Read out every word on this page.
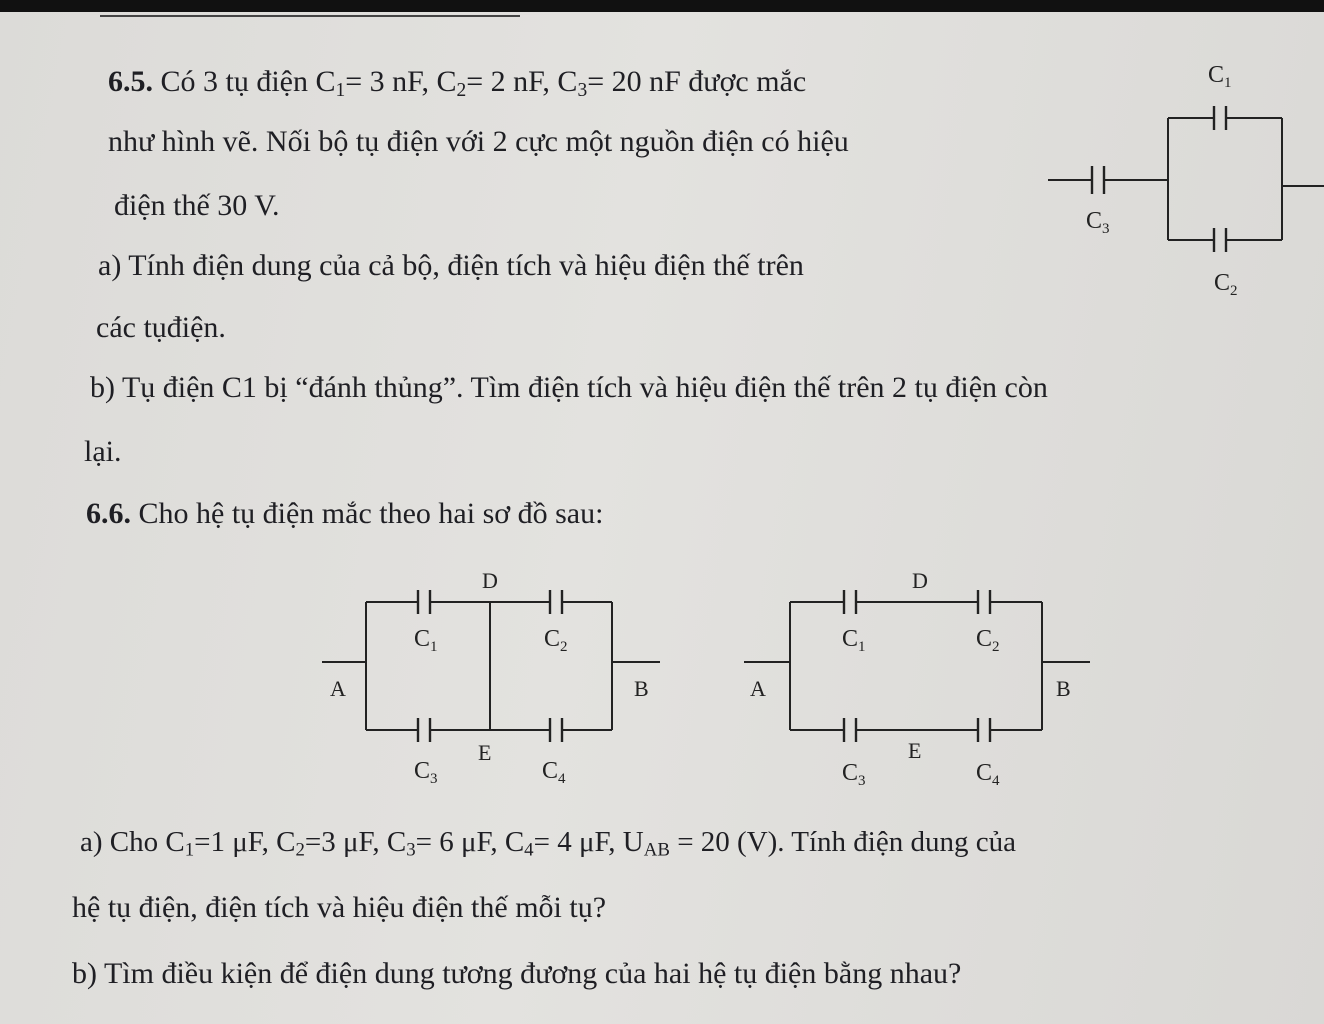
6.5. Có 3 tụ điện $C_1= 3$ nF, $C_2= 2$ nF, $C_3= 20$ nF được mắc
như hình vẽ. Nối bộ tụ điện với 2 cực một nguồn điện có hiệu
điện thế 30 V.
a) Tính điện dung của cả bộ, điện tích và hiệu điện thế trên
các tụđiện.
b) Tụ điện C1 bị “đánh thủng”. Tìm điện tích và hiệu điện thế trên 2 tụ điện còn
lại.
$C_1$
$C_3$
$C_2$
6.6. Cho hệ tụ điện mắc theo hai sơ đồ sau:
A	B
D
E
$C_1$	$C_2$
$C_3$	$C_4$
A	B
D
E
$C_1$	$C_2$
$C_3$	$C_4$
a) Cho $C_1=1$ μF, $C_2=3$ μF, $C_3= 6$ μF, $C_4= 4$ μF, $U_{AB} = 20$ (V). Tính điện dung của
hệ tụ điện, điện tích và hiệu điện thế mỗi tụ?
b) Tìm điều kiện để điện dung tương đương của hai hệ tụ điện bằng nhau?
